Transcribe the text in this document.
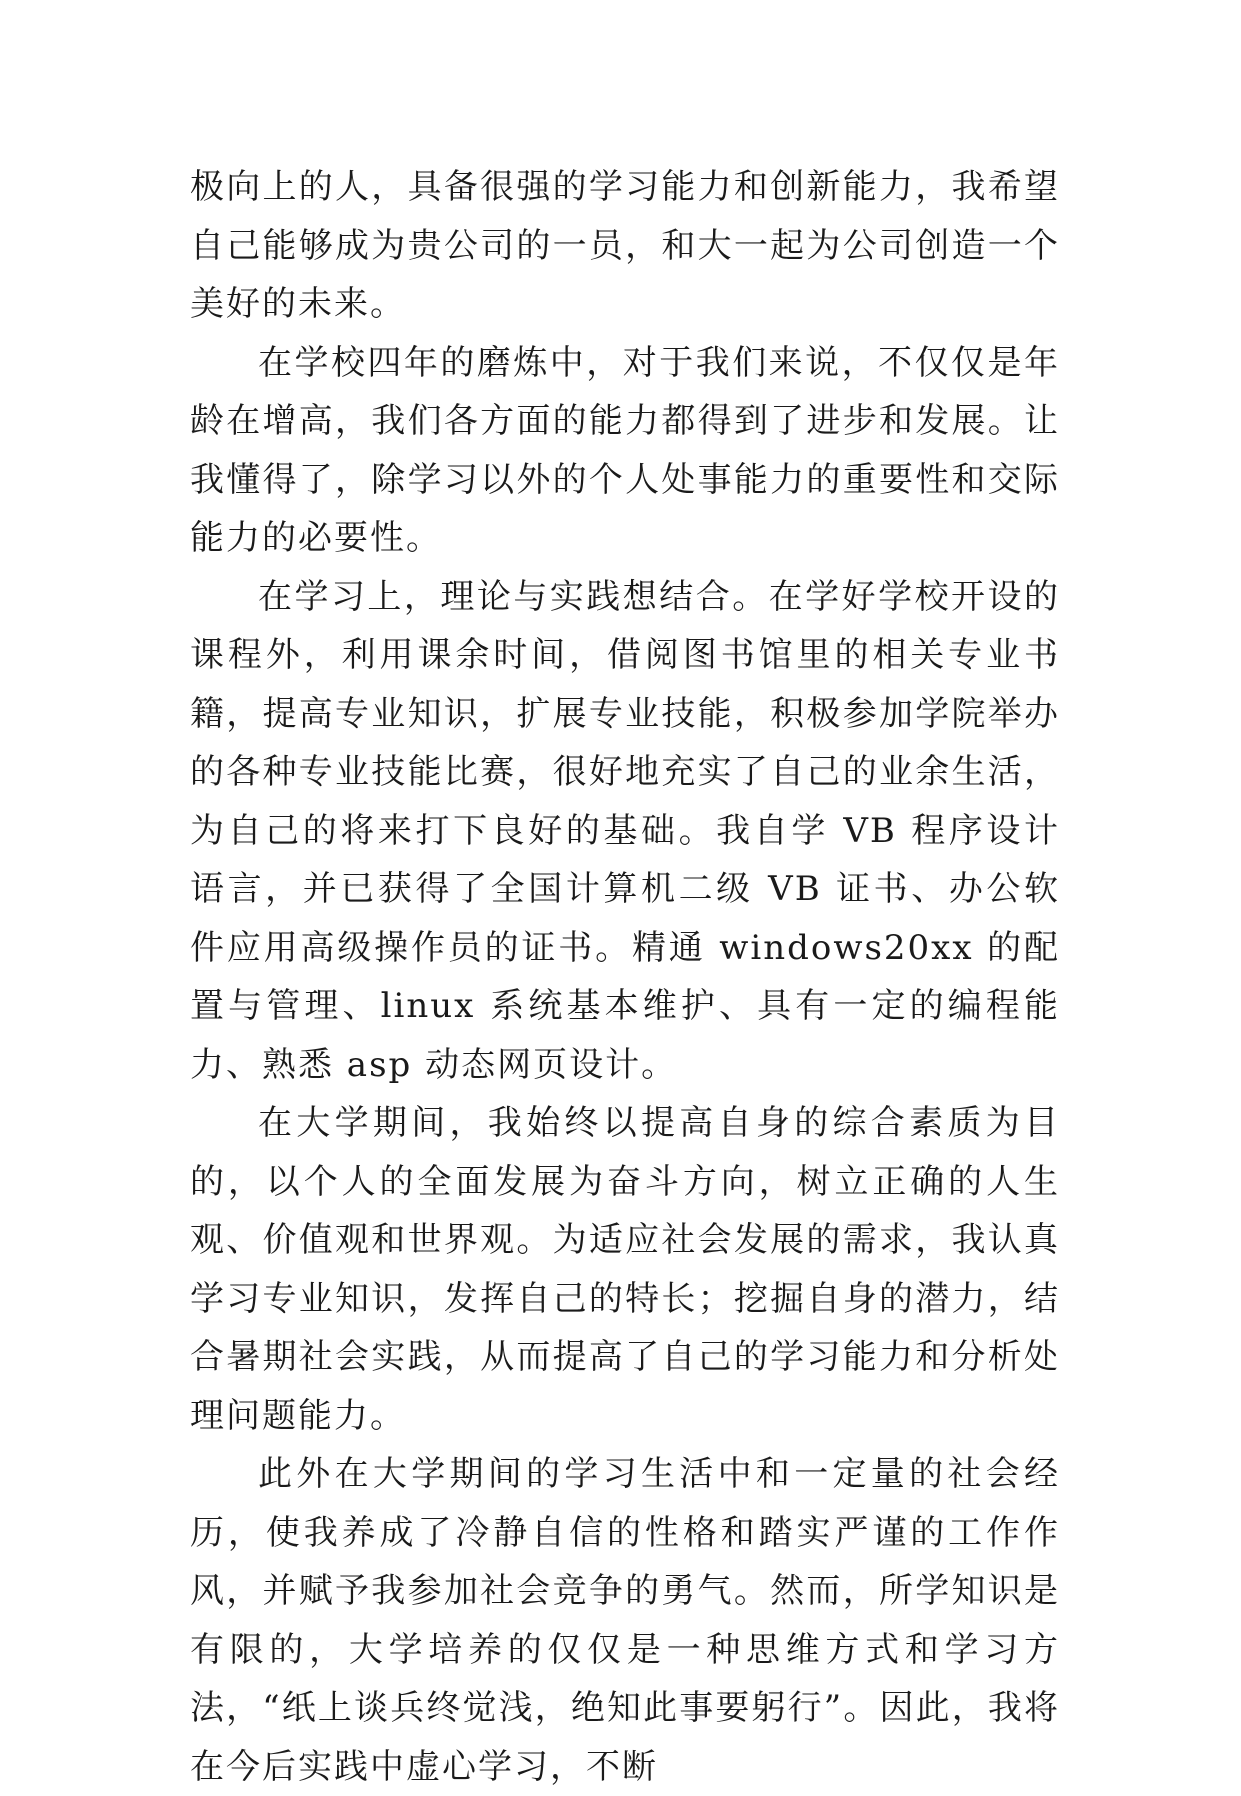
极向上的人，具备很强的学习能力和创新能力，我希望自己能够成为贵公司的一员，和大一起为公司创造一个美好的未来。

在学校四年的磨炼中，对于我们来说，不仅仅是年龄在增高，我们各方面的能力都得到了进步和发展。让我懂得了，除学习以外的个人处事能力的重要性和交际能力的必要性。

在学习上，理论与实践想结合。在学好学校开设的课程外，利用课余时间，借阅图书馆里的相关专业书籍，提高专业知识，扩展专业技能，积极参加学院举办的各种专业技能比赛，很好地充实了自己的业余生活，为自己的将来打下良好的基础。我自学 VB 程序设计语言，并已获得了全国计算机二级 VB 证书、办公软件应用高级操作员的证书。精通 windows20xx 的配置与管理、linux 系统基本维护、具有一定的编程能力、熟悉 asp 动态网页设计。

在大学期间，我始终以提高自身的综合素质为目的，以个人的全面发展为奋斗方向，树立正确的人生观、价值观和世界观。为适应社会发展的需求，我认真学习专业知识，发挥自己的特长；挖掘自身的潜力，结合暑期社会实践，从而提高了自己的学习能力和分析处理问题能力。

此外在大学期间的学习生活中和一定量的社会经历，使我养成了冷静自信的性格和踏实严谨的工作作风，并赋予我参加社会竞争的勇气。然而，所学知识是有限的，大学培养的仅仅是一种思维方式和学习方法，“纸上谈兵终觉浅，绝知此事要躬行”。因此，我将在今后实践中虚心学习，不断
